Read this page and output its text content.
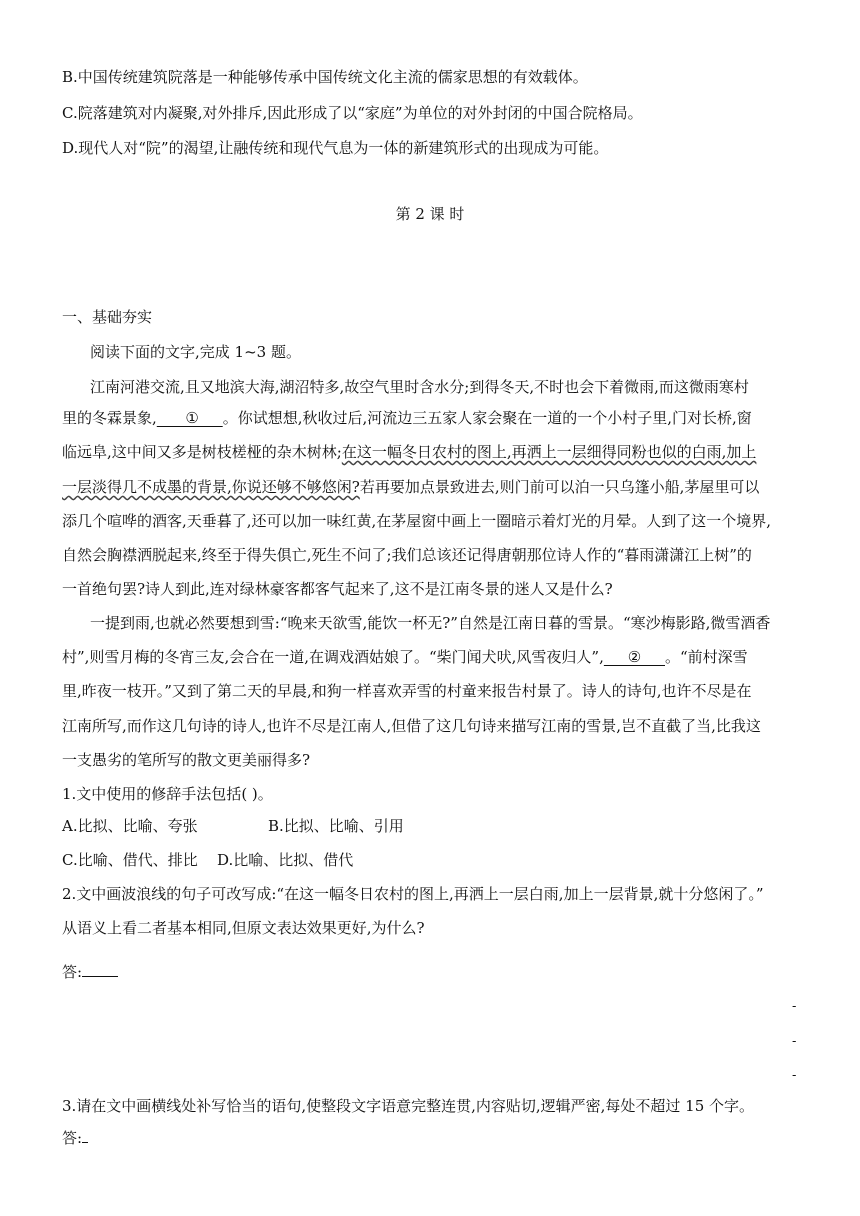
B.中国传统建筑院落是一种能够传承中国传统文化主流的儒家思想的有效载体。
C.院落建筑对内凝聚,对外排斥,因此形成了以“家庭”为单位的对外封闭的中国合院格局。
D.现代人对“院”的渴望,让融传统和现代气息为一体的新建筑形式的出现成为可能。
第 2 课 时
一、基础夯实
阅读下面的文字,完成 1~3 题。
江南河港交流,且又地滨大海,湖沼特多,故空气里时含水分;到得冬天,不时也会下着微雨,而这微雨寒村
里的冬霖景象,      ①     。你试想想,秋收过后,河流边三五家人家会聚在一道的一个小村子里,门对长桥,窗
临远阜,这中间又多是树枝槎桠的杂木树林;在这一幅冬日农村的图上,再洒上一层细得同粉也似的白雨,加上
一层淡得几不成墨的背景,你说还够不够悠闲?若再要加点景致进去,则门前可以泊一只乌篷小船,茅屋里可以
添几个喧哗的酒客,天垂暮了,还可以加一味红黄,在茅屋窗中画上一圈暗示着灯光的月晕。人到了这一个境界,
自然会胸襟洒脱起来,终至于得失俱亡,死生不问了;我们总该还记得唐朝那位诗人作的“暮雨潇潇江上树”的
一首绝句罢?诗人到此,连对绿林豪客都客气起来了,这不是江南冬景的迷人又是什么?
一提到雨,也就必然要想到雪:“晚来天欲雪,能饮一杯无?”自然是江南日暮的雪景。“寒沙梅影路,微雪酒香
村”,则雪月梅的冬宵三友,会合在一道,在调戏酒姑娘了。“柴门闻犬吠,风雪夜归人”,     ②     。“前村深雪
里,昨夜一枝开。”又到了第二天的早晨,和狗一样喜欢弄雪的村童来报告村景了。诗人的诗句,也许不尽是在
江南所写,而作这几句诗的诗人,也许不尽是江南人,但借了这几句诗来描写江南的雪景,岂不直截了当,比我这
一支愚劣的笔所写的散文更美丽得多?
1.文中使用的修辞手法包括( )。
A.比拟、比喻、夸张	B.比拟、比喻、引用
C.比喻、借代、排比 D.比喻、比拟、借代
2.文中画波浪线的句子可改写成:“在这一幅冬日农村的图上,再洒上一层白雨,加上一层背景,就十分悠闲了。”
从语义上看二者基本相同,但原文表达效果更好,为什么?
答:
-
-
-
3.请在文中画横线处补写恰当的语句,使整段文字语意完整连贯,内容贴切,逻辑严密,每处不超过 15 个字。
答:
